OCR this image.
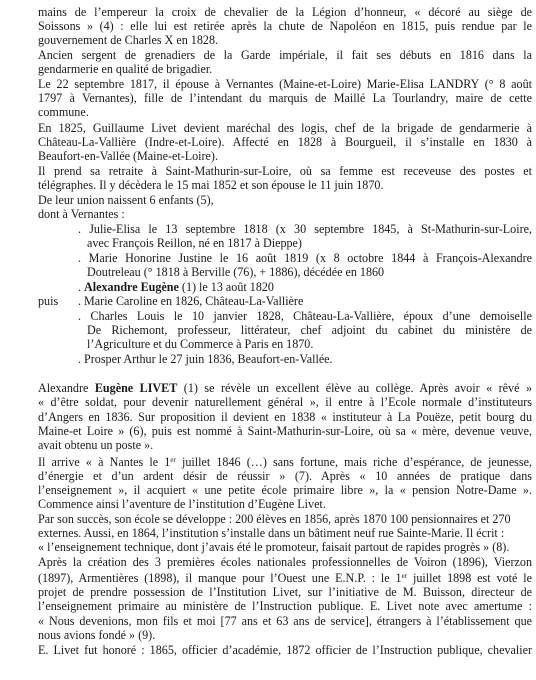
mains de l’empereur la croix de chevalier de la Légion d’honneur, « décoré au siège de
Soissons » (4) : elle lui est retirée après la chute de Napoléon en 1815, puis rendue par le
gouvernement de Charles X en 1828.
Ancien sergent de grenadiers de la Garde impériale, il fait ses débuts en 1816 dans la
gendarmerie en qualité de brigadier.
Le 22 septembre 1817, il épouse à Vernantes (Maine-et-Loire) Marie-Elisa LANDRY (° 8 août
1797 à Vernantes), fille de l’intendant du marquis de Maillé La Tourlandry, maire de cette
commune.
En 1825, Guillaume Livet devient maréchal des logis, chef de la brigade de gendarmerie à
Château-La-Vallière (Indre-et-Loire). Affecté en 1828 à Bourgueil, il s’installe en 1830 à
Beaufort-en-Vallée (Maine-et-Loire).
Il prend sa retraite à Saint-Mathurin-sur-Loire, où sa femme est receveuse des postes et
télégraphes. Il y décèdera le 15 mai 1852 et son épouse le 11 juin 1870.
De leur union naissent 6 enfants (5),
dont à Vernantes :
. Julie-Elisa le 13 septembre 1818 (x 30 septembre 1845, à St-Mathurin-sur-Loire,
avec François Reillon, né en 1817 à Dieppe)
. Marie Honorine Justine le 16 août 1819 (x 8 octobre 1844 à François-Alexandre
Doutreleau (° 1818 à Berville (76), + 1886), décédée en 1860
. Alexandre Eugène (1) le 13 août 1820
puis . Marie Caroline en 1826, Château-La-Vallière
. Charles Louis le 10 janvier 1828, Château-La-Vallière, époux d’une demoiselle
De Richemont, professeur, littérateur, chef adjoint du cabinet du ministère de
l’Agriculture et du Commerce à Paris en 1870.
. Prosper Arthur le 27 juin 1836, Beaufort-en-Vallée.
Alexandre Eugène LIVET (1) se révèle un excellent élève au collège. Après avoir « rêvé »
« d’être soldat, pour devenir naturellement général », il entre à l’Ecole normale d’instituteurs
d’Angers en 1836. Sur proposition il devient en 1838 « instituteur à La Pouëze, petit bourg du
Maine-et Loire » (6), puis est nommé à Saint-Mathurin-sur-Loire, où sa « mère, devenue veuve,
avait obtenu un poste ».
Il arrive « à Nantes le 1er juillet 1846 (…) sans fortune, mais riche d’espérance, de jeunesse,
d’énergie et d’un ardent désir de réussir » (7). Après « 10 années de pratique dans
l’enseignement », il acquiert « une petite école primaire libre », la « pension Notre-Dame ».
Commence ainsi l’aventure de l’institution d’Eugène Livet.
Par son succès, son école se développe : 200 élèves en 1856, après 1870 100 pensionnaires et 270
externes. Aussi, en 1864, l’institution s’installe dans un bâtiment neuf rue Sainte-Marie. Il écrit :
« l’enseignement technique, dont j’avais été le promoteur, faisait partout de rapides progrès » (8).
Après la création des 3 premières écoles nationales professionnelles de Voiron (1896), Vierzon
(1897), Armentières (1898), il manque pour l’Ouest une E.N.P. : le 1er juillet 1898 est voté le
projet de prendre possession de l’Institution Livet, sur l’initiative de M. Buisson, directeur de
l’enseignement primaire au ministère de l’Instruction publique. E. Livet note avec amertume :
« Nous devenions, mon fils et moi [77 ans et 63 ans de service], étrangers à l’établissement que
nous avions fondé » (9).
E. Livet fut honoré : 1865, officier d’académie, 1872 officier de l’Instruction publique, chevalier
